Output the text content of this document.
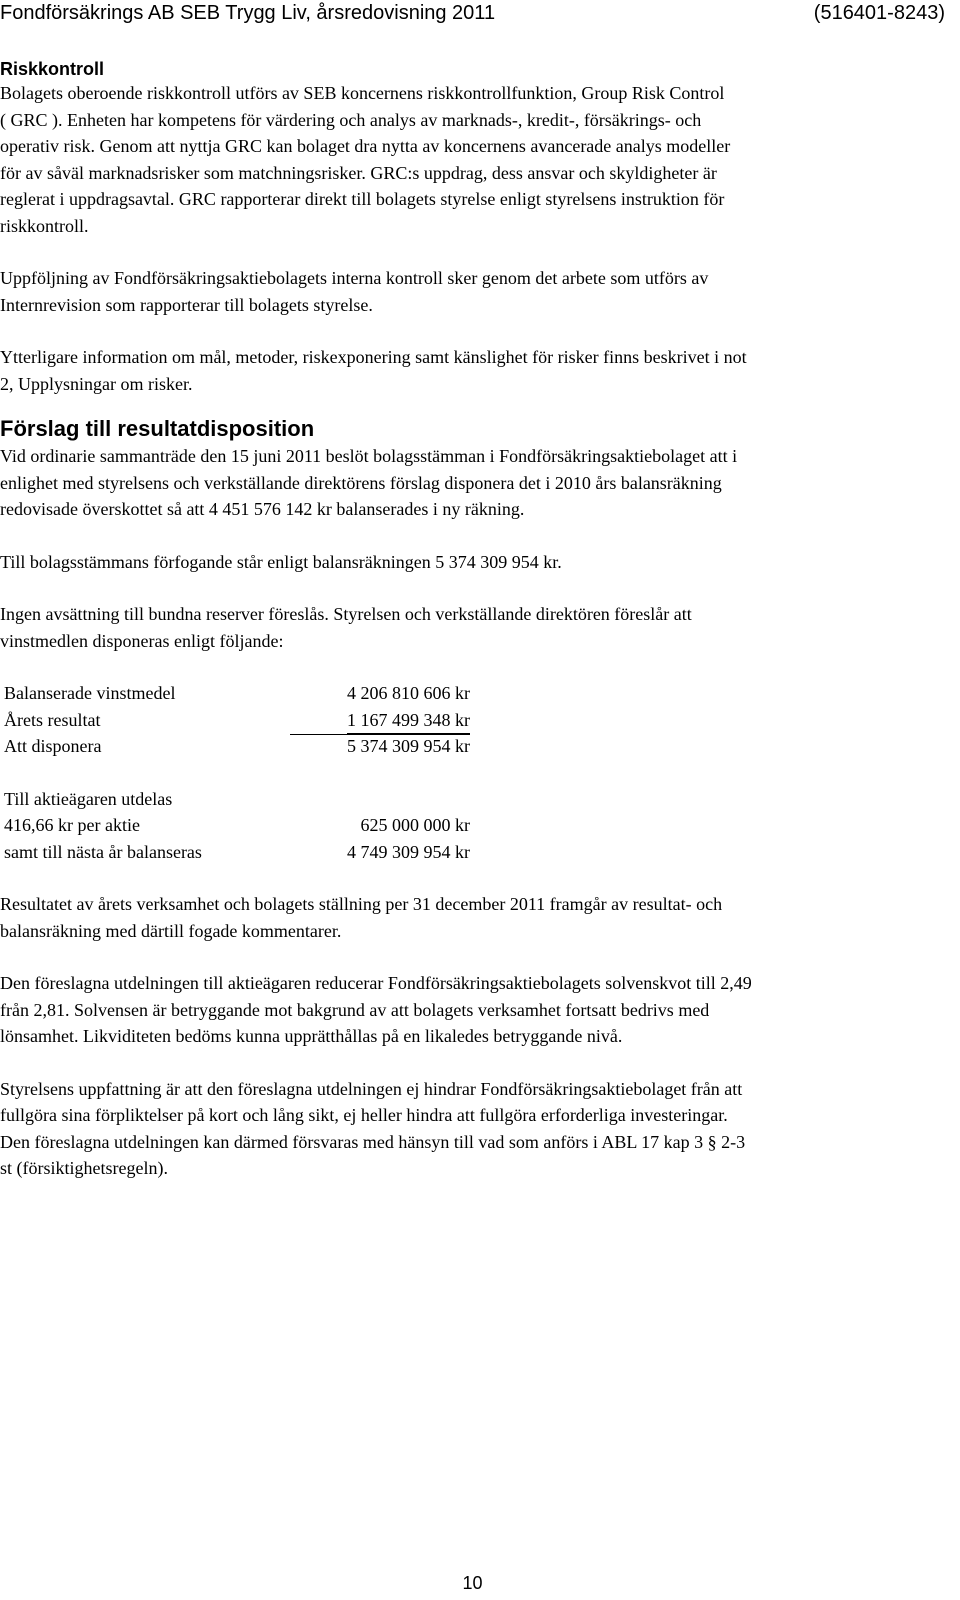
Fondförsäkrings AB SEB Trygg Liv, årsredovisning 2011	(516401-8243)
Riskkontroll

Bolagets oberoende riskkontroll utförs av SEB koncernens riskkontrollfunktion, Group Risk Control

( GRC ). Enheten har kompetens för värdering och analys av marknads-, kredit-, försäkrings- och

operativ risk. Genom att nyttja GRC kan bolaget dra nytta av koncernens avancerade analys modeller

för av såväl marknadsrisker som matchningsrisker. GRC:s uppdrag, dess ansvar och skyldigheter är

reglerat i uppdragsavtal. GRC rapporterar direkt till bolagets styrelse enligt styrelsens instruktion för

riskkontroll.

Uppföljning av Fondförsäkringsaktiebolagets interna kontroll sker genom det arbete som utförs av

Internrevision som rapporterar till bolagets styrelse.

Ytterligare information om mål, metoder, riskexponering samt känslighet för risker finns beskrivet i not

2, Upplysningar om risker.

Förslag till resultatdisposition

Vid ordinarie sammanträde den 15 juni 2011 beslöt bolagsstämman i Fondförsäkringsaktiebolaget att i

enlighet med styrelsens och verkställande direktörens förslag disponera det i 2010 års balansräkning

redovisade överskottet så att 4 451 576 142 kr balanserades i ny räkning.

Till bolagsstämmans förfogande står enligt balansräkningen 5 374 309 954 kr.

Ingen avsättning till bundna reserver föreslås. Styrelsen och verkställande direktören föreslår att

vinstmedlen disponeras enligt följande:

Balanserade vinstmedel	4 206 810 606 kr
Årets resultat	1 167 499 348 kr
Att disponera	5 374 309 954 kr
Till aktieägaren utdelas
416,66 kr per aktie	625 000 000 kr
samt till nästa år balanseras	4 749 309 954 kr

Resultatet av årets verksamhet och bolagets ställning per 31 december 2011 framgår av resultat- och

balansräkning med därtill fogade kommentarer.

Den föreslagna utdelningen till aktieägaren reducerar Fondförsäkringsaktiebolagets solvenskvot till 2,49

från 2,81. Solvensen är betryggande mot bakgrund av att bolagets verksamhet fortsatt bedrivs med

lönsamhet. Likviditeten bedöms kunna upprätthållas på en likaledes betryggande nivå.

Styrelsens uppfattning är att den föreslagna utdelningen ej hindrar Fondförsäkringsaktiebolaget från att

fullgöra sina förpliktelser på kort och lång sikt, ej heller hindra att fullgöra erforderliga investeringar.

Den föreslagna utdelningen kan därmed försvaras med hänsyn till vad som anförs i ABL 17 kap 3 § 2-3

st (försiktighetsregeln).

10
